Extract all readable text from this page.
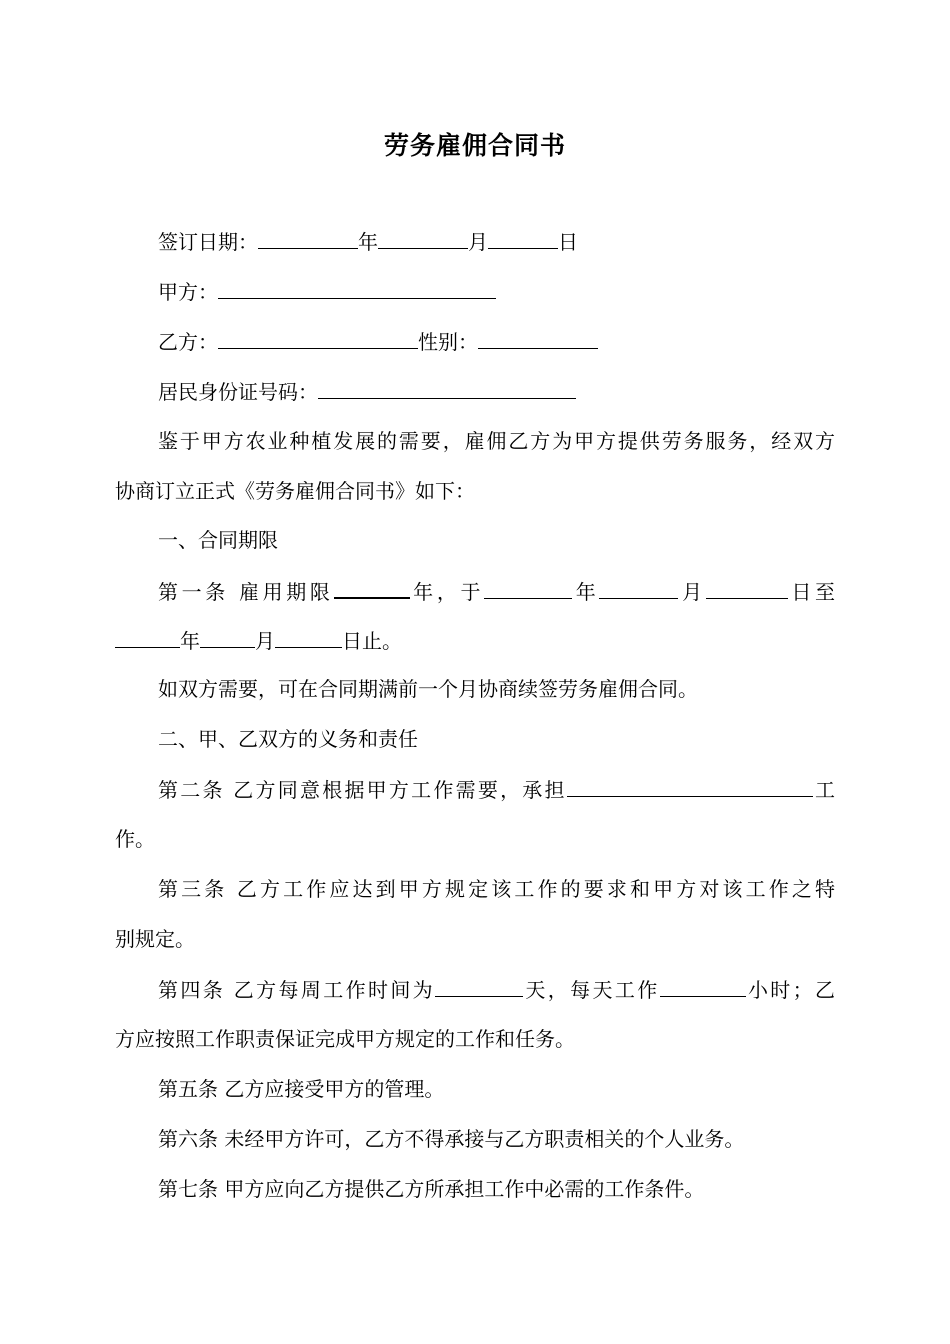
劳务雇佣合同书
签订日期：	年	月	日
甲方：
乙方：	性别：
居民身份证号码：
鉴于甲方农业种植发展的需要，雇佣乙方为甲方提供劳务服务，经双方
协商订立正式《劳务雇佣合同书》如下：
一、合同期限
第一条 雇用期限	年，于	年	月	日至
年	月	日止。
如双方需要，可在合同期满前一个月协商续签劳务雇佣合同。
二、甲、乙双方的义务和责任
第二条 乙方同意根据甲方工作需要，承担	工
作。
第三条 乙方工作应达到甲方规定该工作的要求和甲方对该工作之特
别规定。
第四条 乙方每周工作时间为	天，每天工作	小时；乙
方应按照工作职责保证完成甲方规定的工作和任务。
第五条 乙方应接受甲方的管理。
第六条 未经甲方许可，乙方不得承接与乙方职责相关的个人业务。
第七条 甲方应向乙方提供乙方所承担工作中必需的工作条件。
